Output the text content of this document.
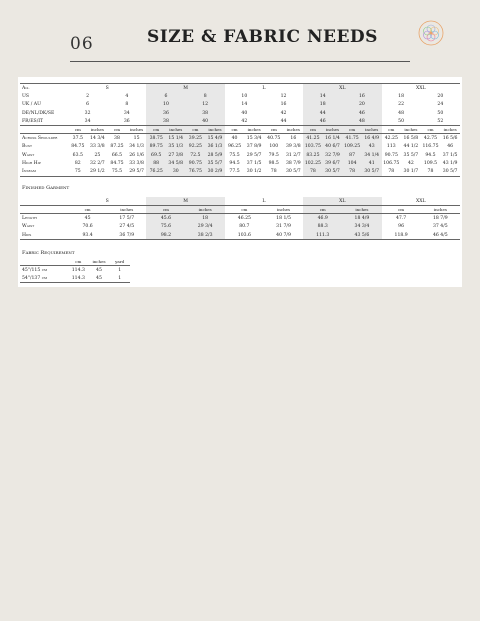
06	SIZE & FABRIC NEEDS
All	S				M				L				XL				XXL			
US	2		4		6		8		10		12		14		16		18		20	
UK / AU	6		8		10		12		14		16		18		20		22		24	
DE/NL/DK/SE	32		34		36		38		40		42		44		46		48		50	
FR/ES/IT	34		36		38		40		42		44		46		48		50		52	
	cm	inches	cm	inches	cm	inches	cm	inches	cm	inches	cm	inches	cm	inches	cm	inches	cm	inches	cm	inches
Across Shoulder	37.5	14 3/4	38	15	38.75	15 1/4	39.25	15 4/9	40	15 3/4	40.75	16	41.25	16 1/4	41.75	16 4/9	42.25	16 5/8	42.75	16 5/6
Bust	84.75	33 3/8	87.25	34 1/3	89.75	35 1/3	92.25	36 1/3	96.25	37 8/9	100	39 3/8	103.75	40 6/7	109.25	43	113	44 1/2	116.75	46
Waist	63.5	25	66.5	26 1/6	69.5	27 3/8	72.5	28 5/9	75.5	29 5/7	79.5	31 2/7	83.25	32 7/9	87	34 1/4	90.75	35 5/7	94.5	37 1/5
High Hip	82	32 2/7	84.75	33 3/8	88	34 5/8	90.75	35 5/7	94.5	37 1/5	98.5	38 7/9	102.25	39 6/7	104	41	106.75	42	109.5	43 1/9
Inseam	75	29 1/2	75.5	29 5/7	76.25	30	76.75	30 2/9	77.5	30 1/2	78	30 5/7	78	30 5/7	78	30 5/7	78	30 1/7	78	30 5/7
Finished Garment
	S		M		L		XL		XXL	
	cm	inches	cm	inches	cm	inches	cm	inches	cm	inches
Length	45	17 5/7	45.6	18	46.25	18 1/5	46.9	18 4/9	47.7	18 7/9
Waist	70.6	27 4/5	75.6	29 3/4	80.7	31 7/9	88.3	34 3/4	96	37 4/5
Hips	93.4	36 7/9	98.2	38 2/3	103.6	40 7/9	111.3	43 5/6	118.9	46 4/5
Fabric Requirement
	cm	inches	yard
45"/115 cm	114.3	45	1
54"/137 cm	114.3	45	1
